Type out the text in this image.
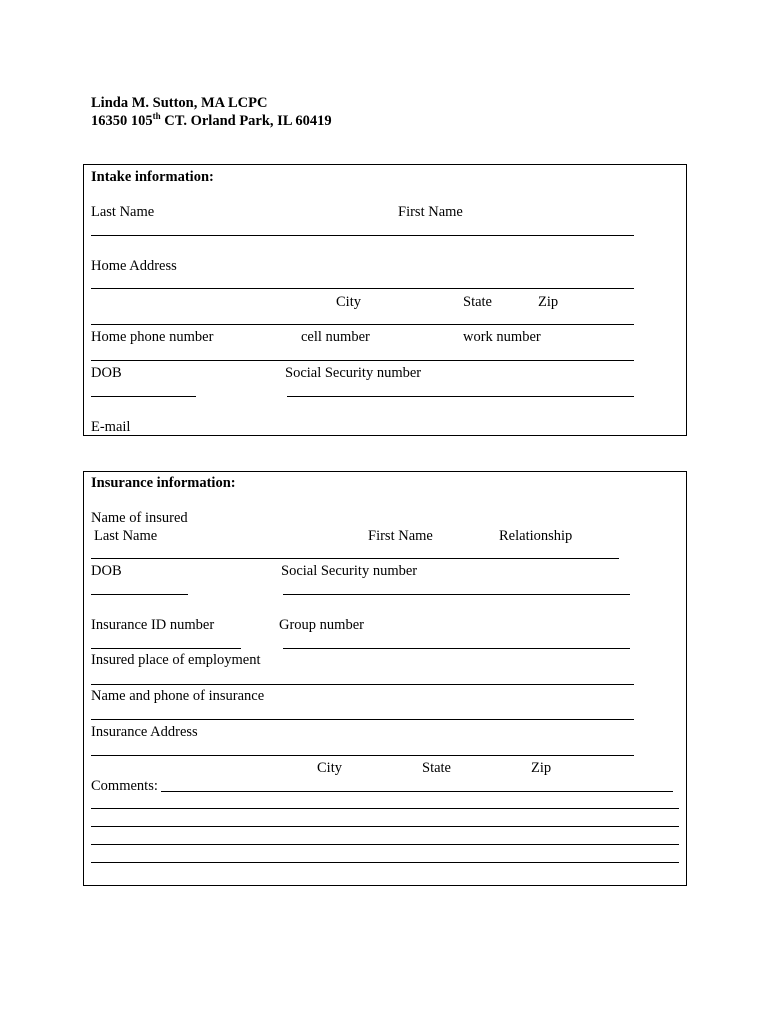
Linda M. Sutton, MA LCPC
16350 105th CT. Orland Park, IL 60419
Intake information:
Last Name	First Name
Home Address
City	State	Zip
Home phone number	cell number	work number
DOB	Social Security number
E-mail
Insurance information:
Name of insured
Last Name	First Name	Relationship
DOB	Social Security number
Insurance ID number	Group number
Insured place of employment
Name and phone of insurance
Insurance Address
City	State	Zip
Comments:
